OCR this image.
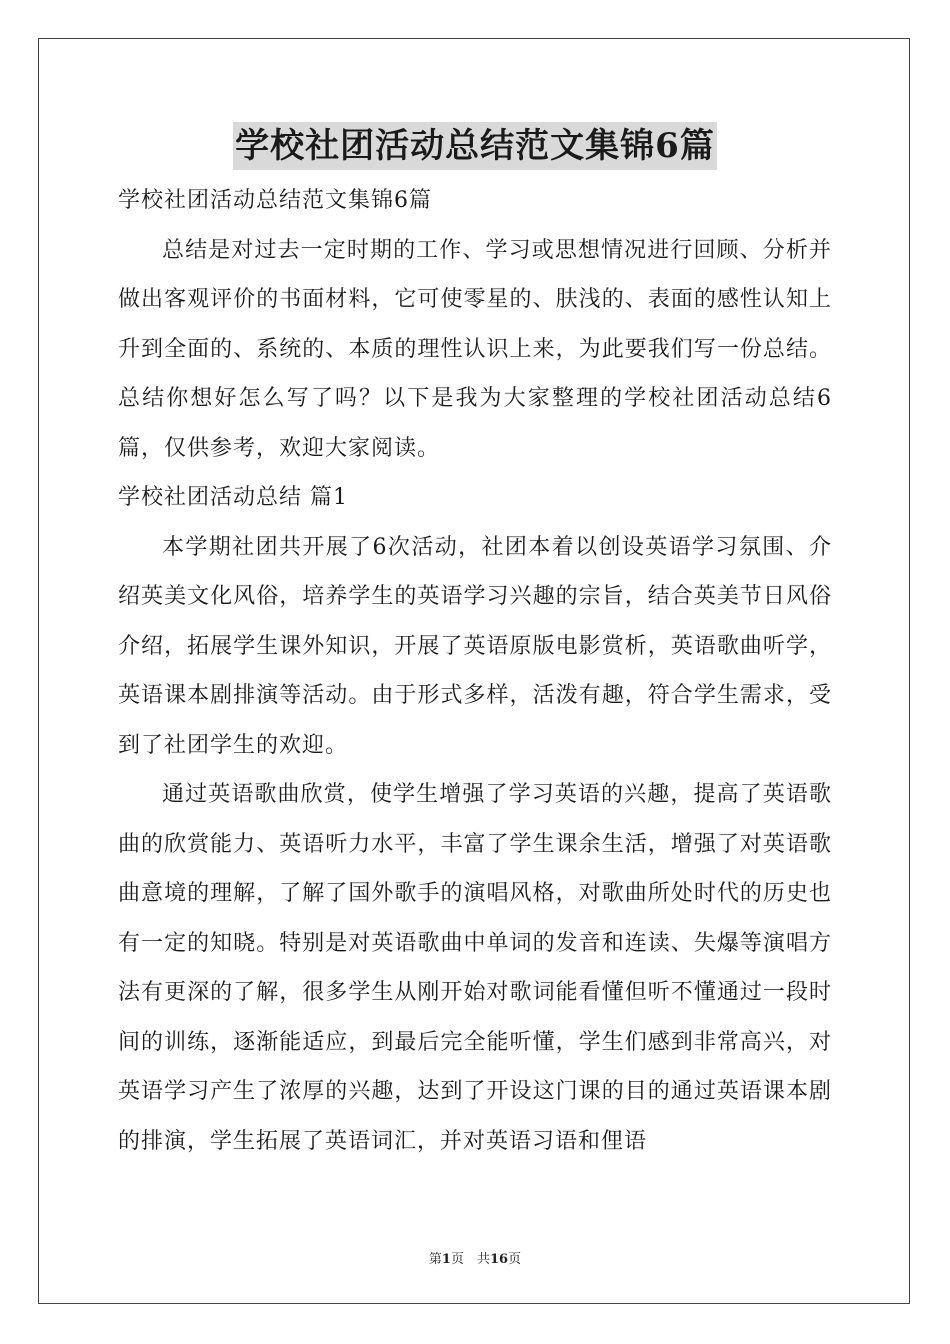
学校社团活动总结范文集锦6篇

学校社团活动总结范文集锦6篇

总结是对过去一定时期的工作、学习或思想情况进行回顾、分析并做出客观评价的书面材料，它可使零星的、肤浅的、表面的感性认知上升到全面的、系统的、本质的理性认识上来，为此要我们写一份总结。总结你想好怎么写了吗？以下是我为大家整理的学校社团活动总结6篇，仅供参考，欢迎大家阅读。

学校社团活动总结 篇1

本学期社团共开展了6次活动，社团本着以创设英语学习氛围、介绍英美文化风俗，培养学生的英语学习兴趣的宗旨，结合英美节日风俗介绍，拓展学生课外知识，开展了英语原版电影赏析，英语歌曲听学，英语课本剧排演等活动。由于形式多样，活泼有趣，符合学生需求，受到了社团学生的欢迎。

通过英语歌曲欣赏，使学生增强了学习英语的兴趣，提高了英语歌曲的欣赏能力、英语听力水平，丰富了学生课余生活，增强了对英语歌曲意境的理解，了解了国外歌手的演唱风格，对歌曲所处时代的历史也有一定的知晓。特别是对英语歌曲中单词的发音和连读、失爆等演唱方法有更深的了解，很多学生从刚开始对歌词能看懂但听不懂通过一段时间的训练，逐渐能适应，到最后完全能听懂，学生们感到非常高兴，对英语学习产生了浓厚的兴趣，达到了开设这门课的目的通过英语课本剧的排演，学生拓展了英语词汇，并对英语习语和俚语

第1页　共16页
